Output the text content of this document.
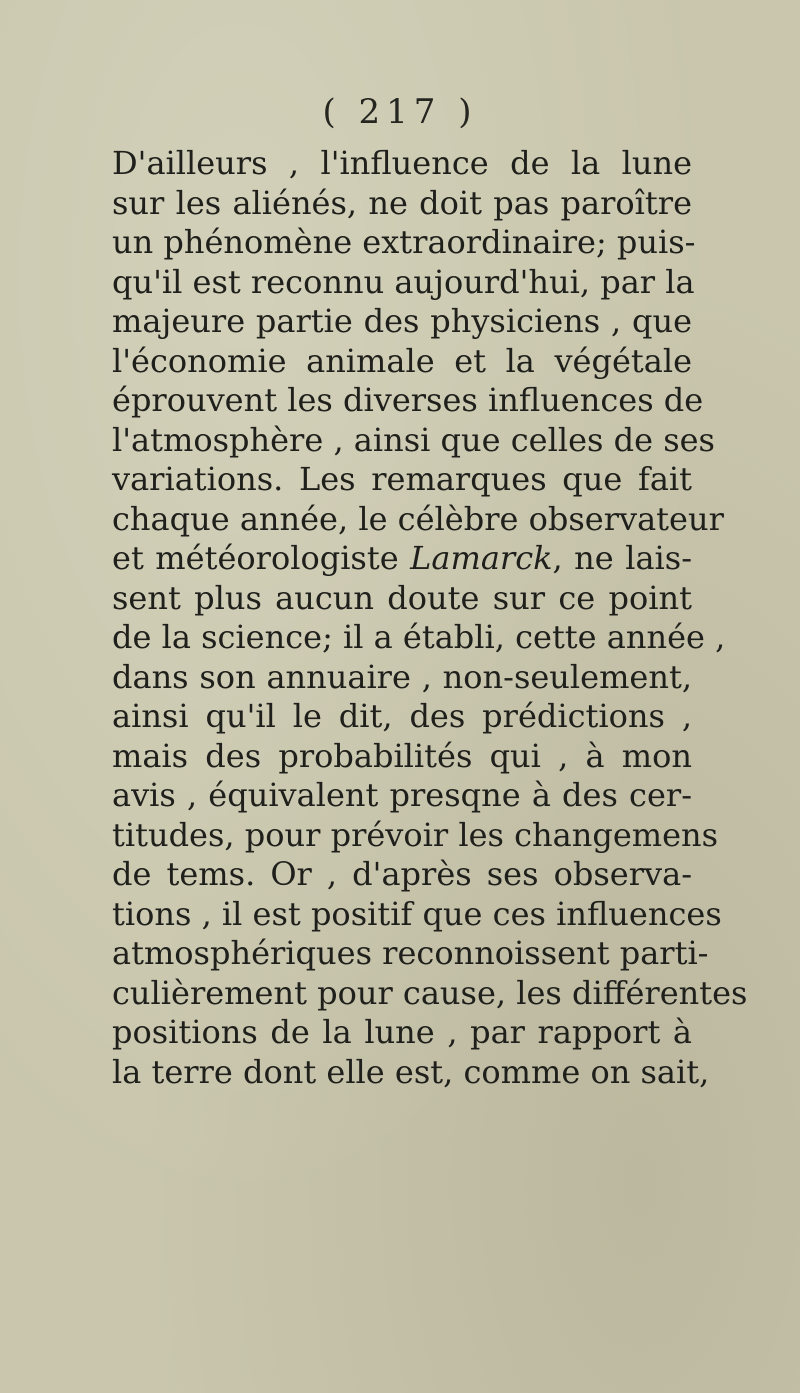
( 217 )
D'ailleurs , l'influence de la lune
sur les aliénés, ne doit pas paroître
un phénomène extraordinaire; puis-
qu'il est reconnu aujourd'hui, par la
majeure partie des physiciens , que
l'économie animale et la végétale
éprouvent les diverses influences de
l'atmosphère , ainsi que celles de ses
variations. Les remarques que fait
chaque année, le célèbre observateur
et météorologiste Lamarck, ne lais-
sent plus aucun doute sur ce point
de la science; il a établi, cette année ,
dans son annuaire , non-seulement,
ainsi qu'il le dit, des prédictions ,
mais des probabilités qui , à mon
avis , équivalent presqne à des cer-
titudes, pour prévoir les changemens
de tems. Or , d'après ses observa-
tions , il est positif que ces influences
atmosphériques reconnoissent parti-
culièrement pour cause, les différentes
positions de la lune , par rapport à
la terre dont elle est, comme on sait,
